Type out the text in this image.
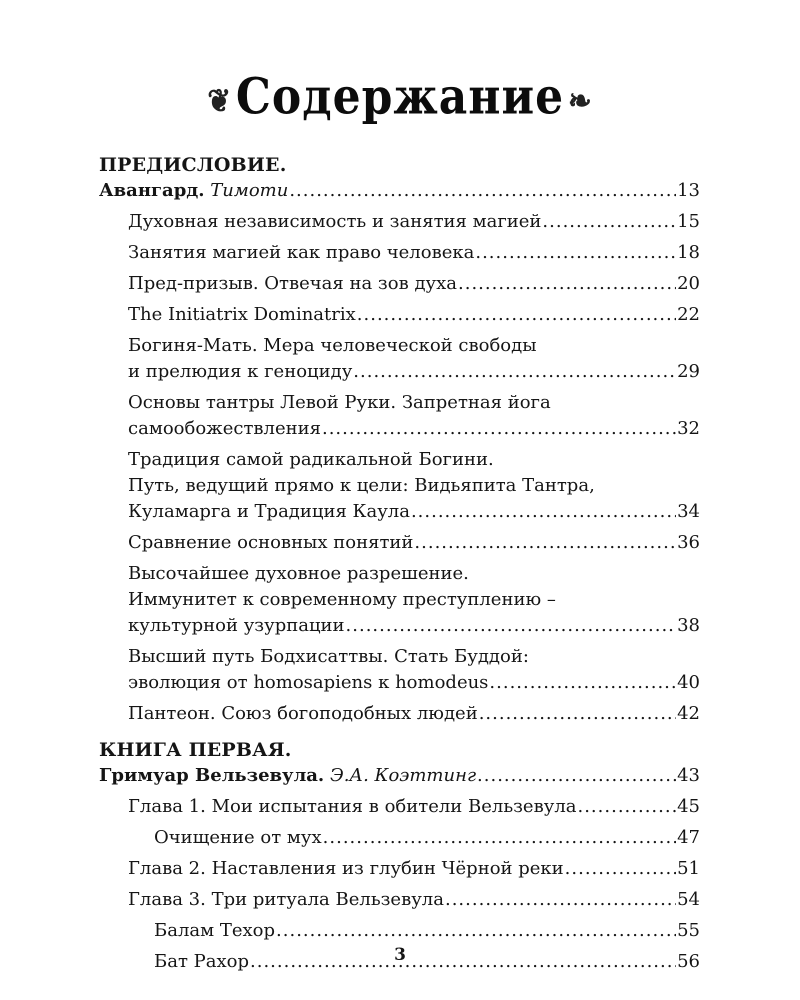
❦Содержание ❧
ПРЕДИСЛОВИЕ.
Авангард. Тимоти .....	13
Духовная независимость и занятия магией .....	15
Занятия магией как право человека .....	18
Пред-призыв. Отвечая на зов духа .....	20
The Initiatrix Dominatrix .....	22
Богиня-Мать. Мера человеческой свободы
и прелюдия к геноциду .....	29
Основы тантры Левой Руки. Запретная йога
самообожествления .....	32
Традиция самой радикальной Богини.
Путь, ведущий прямо к цели: Видьяпита Тантра,
Куламарга и Традиция Каула .....	34
Сравнение основных понятий .....	36
Высочайшее духовное разрешение.
Иммунитет к современному преступлению –
культурной узурпации .....	38
Высший путь Бодхисаттвы. Стать Буддой:
эволюция от homosapiens к homodeus .....	40
Пантеон. Союз богоподобных людей .....	42
КНИГА ПЕРВАЯ.
Гримуар Вельзевула. Э.А. Коэттинг .....	43
Глава 1. Мои испытания в обители Вельзевула .....	45
Очищение от мух .....	47
Глава 2. Наставления из глубин Чёрной реки .....	51
Глава 3. Три ритуала Вельзевула .....	54
Балам Техор .....	55
Бат Рахор .....	56
3
